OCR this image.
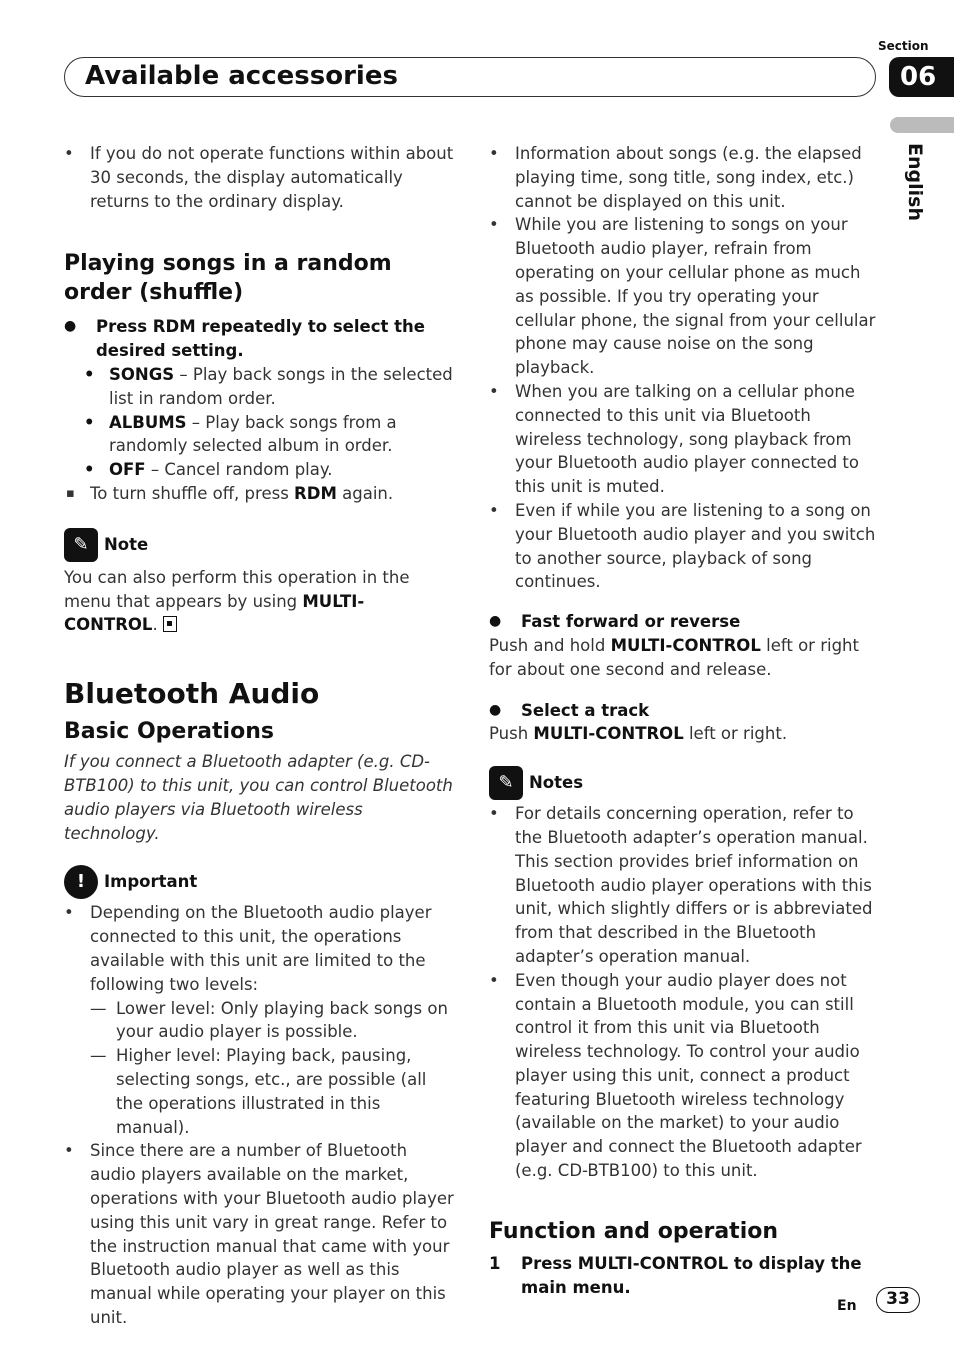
Section
06
Available accessories
English
• If you do not operate functions within about 30 seconds, the display automatically returns to the ordinary display.
Playing songs in a random order (shuffle)
● Press RDM repeatedly to select the desired setting.
• SONGS – Play back songs in the selected list in random order.
• ALBUMS – Play back songs from a randomly selected album in order.
• OFF – Cancel random play.
▪ To turn shuffle off, press RDM again.
✎ Note
You can also perform this operation in the menu that appears by using MULTI-CONTROL.
Bluetooth Audio
Basic Operations
If you connect a Bluetooth adapter (e.g. CD-BTB100) to this unit, you can control Bluetooth audio players via Bluetooth wireless technology.
!	Important
• Depending on the Bluetooth audio player connected to this unit, the operations available with this unit are limited to the following two levels:
— Lower level: Only playing back songs on your audio player is possible.
— Higher level: Playing back, pausing, selecting songs, etc., are possible (all the operations illustrated in this manual).
• Since there are a number of Bluetooth audio players available on the market, operations with your Bluetooth audio player using this unit vary in great range. Refer to the instruction manual that came with your Bluetooth audio player as well as this manual while operating your player on this unit.
• Information about songs (e.g. the elapsed playing time, song title, song index, etc.) cannot be displayed on this unit.
• While you are listening to songs on your Bluetooth audio player, refrain from operating on your cellular phone as much as possible. If you try operating your cellular phone, the signal from your cellular phone may cause noise on the song playback.
• When you are talking on a cellular phone connected to this unit via Bluetooth wireless technology, song playback from your Bluetooth audio player connected to this unit is muted.
• Even if while you are listening to a song on your Bluetooth audio player and you switch to another source, playback of song continues.
● Fast forward or reverse
Push and hold MULTI-CONTROL left or right for about one second and release.
● Select a track
Push MULTI-CONTROL left or right.
✎ Notes
• For details concerning operation, refer to the Bluetooth adapter’s operation manual. This section provides brief information on Bluetooth audio player operations with this unit, which slightly differs or is abbreviated from that described in the Bluetooth adapter’s operation manual.
• Even though your audio player does not contain a Bluetooth module, you can still control it from this unit via Bluetooth wireless technology. To control your audio player using this unit, connect a product featuring Bluetooth wireless technology (available on the market) to your audio player and connect the Bluetooth adapter (e.g. CD-BTB100) to this unit.
Function and operation
1 Press MULTI-CONTROL to display the main menu.
En	33
